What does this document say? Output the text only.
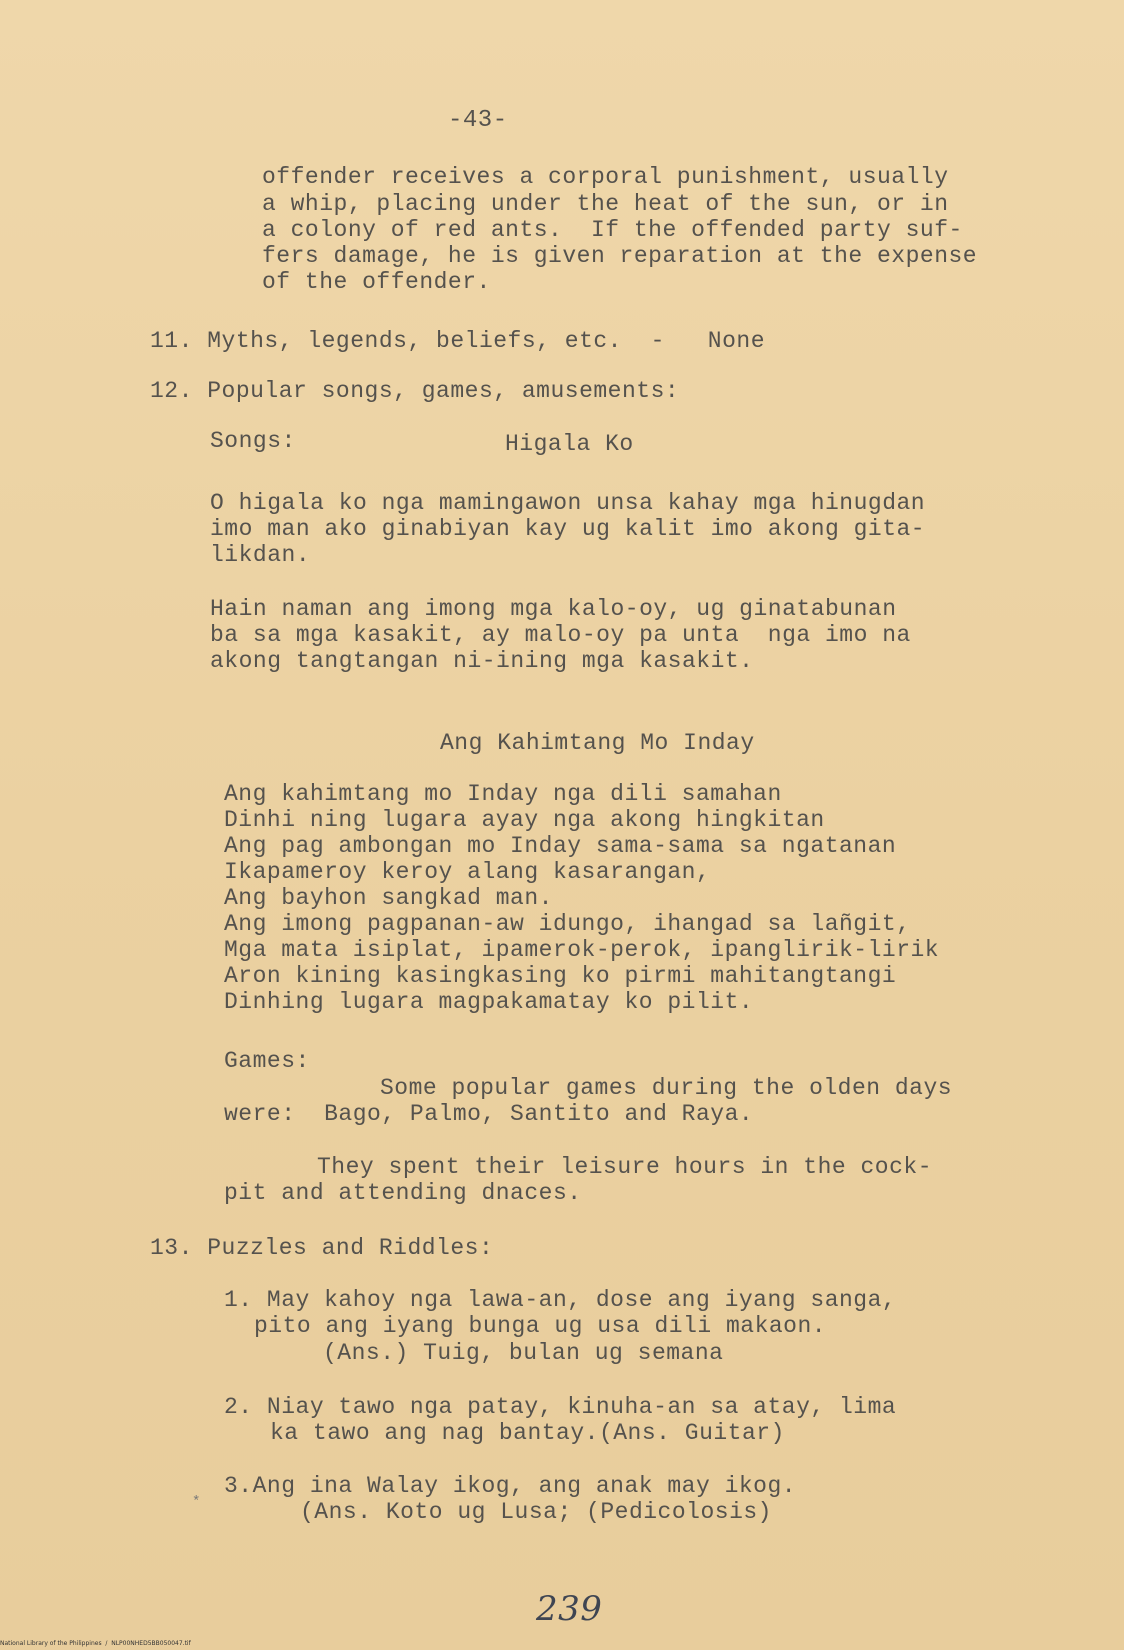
-43-
offender receives a corporal punishment, usually
a whip, placing under the heat of the sun, or in
a colony of red ants.  If the offended party suf-
fers damage, he is given reparation at the expense
of the offender.
11. Myths, legends, beliefs, etc.  -   None
12. Popular songs, games, amusements:
Songs:	Higala Ko
O higala ko nga mamingawon unsa kahay mga hinugdan
imo man ako ginabiyan kay ug kalit imo akong gita-
likdan.
Hain naman ang imong mga kalo-oy, ug ginatabunan
ba sa mga kasakit, ay malo-oy pa unta  nga imo na
akong tangtangan ni-ining mga kasakit.
Ang Kahimtang Mo Inday
Ang kahimtang mo Inday nga dili samahan
Dinhi ning lugara ayay nga akong hingkitan
Ang pag ambongan mo Inday sama-sama sa ngatanan
Ikapameroy keroy alang kasarangan,
Ang bayhon sangkad man.
Ang imong pagpanan-aw idungo, ihangad sa lañgit,
Mga mata isiplat, ipamerok-perok, ipanglirik-lirik
Aron kining kasingkasing ko pirmi mahitangtangi
Dinhing lugara magpakamatay ko pilit.
Games:
Some popular games during the olden days
were:  Bago, Palmo, Santito and Raya.
They spent their leisure hours in the cock-
pit and attending dnaces.
13. Puzzles and Riddles:
1. May kahoy nga lawa-an, dose ang iyang sanga,
pito ang iyang bunga ug usa dili makaon.
(Ans.) Tuig, bulan ug semana
2. Niay tawo nga patay, kinuha-an sa atay, lima
ka tawo ang nag bantay.(Ans. Guitar)
3.Ang ina Walay ikog, ang anak may ikog.
(Ans. Koto ug Lusa; (Pedicolosis)
*
239
National Library of the Philippines  /  NLP00NHED5BB050047.tif
